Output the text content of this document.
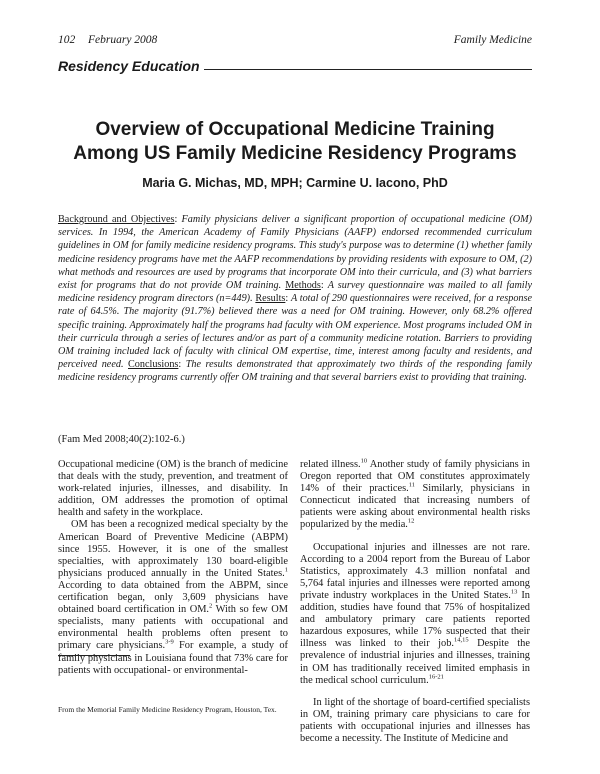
102 February 2008	Family Medicine
Residency Education
Overview of Occupational Medicine Training
Among US Family Medicine Residency Programs
Maria G. Michas, MD, MPH; Carmine U. Iacono, PhD
Background and Objectives: Family physicians deliver a significant proportion of occupational medicine (OM) services. In 1994, the American Academy of Family Physicians (AAFP) endorsed recommended curriculum guidelines in OM for family medicine residency programs. This study's purpose was to determine (1) whether family medicine residency programs have met the AAFP recommendations by providing residents with exposure to OM, (2) what methods and resources are used by programs that incorporate OM into their curricula, and (3) what barriers exist for programs that do not provide OM training. Methods: A survey questionnaire was mailed to all family medicine residency program directors (n=449). Results: A total of 290 questionnaires were received, for a response rate of 64.5%. The majority (91.7%) believed there was a need for OM training. However, only 68.2% offered specific training. Approximately half the programs had faculty with OM experience. Most programs included OM in their curricula through a series of lectures and/or as part of a community medicine rotation. Barriers to providing OM training included lack of faculty with clinical OM expertise, time, interest among faculty and residents, and perceived need. Conclusions: The results demonstrated that approximately two thirds of the responding family medicine residency programs currently offer OM training and that several barriers exist to providing that training.
(Fam Med 2008;40(2):102-6.)

Occupational medicine (OM) is the branch of medicine that deals with the study, prevention, and treatment of work-related injuries, illnesses, and disability. In addition, OM addresses the promotion of optimal health and safety in the workplace.

OM has been a recognized medical specialty by the American Board of Preventive Medicine (ABPM) since 1955. However, it is one of the smallest specialties, with approximately 130 board-eligible physicians produced annually in the United States.$^1$ According to data obtained from the ABPM, since certification began, only 3,609 physicians have obtained board certification in OM.$^2$ With so few OM specialists, many patients with occupational and environmental health problems often present to primary care physicians.$^{3-9}$ For example, a study of family physicians in Louisiana found that 73% care for patients with occupational- or environmental-

related illness.$^{10}$ Another study of family physicians in Oregon reported that OM constitutes approximately 14% of their practices.$^{11}$ Similarly, physicians in Connecticut indicated that increasing numbers of patients were asking about environmental health risks popularized by the media.$^{12}$

Occupational injuries and illnesses are not rare. According to a 2004 report from the Bureau of Labor Statistics, approximately 4.3 million nonfatal and 5,764 fatal injuries and illnesses were reported among private industry workplaces in the United States.$^{13}$ In addition, studies have found that 75% of hospitalized and ambulatory primary care patients reported hazardous exposures, while 17% suspected that their illness was linked to their job.$^{14,15}$ Despite the prevalence of industrial injuries and illnesses, training in OM has traditionally received limited emphasis in the medical school curriculum.$^{16-21}$

In light of the shortage of board-certified specialists in OM, training primary care physicians to care for patients with occupational injuries and illnesses has become a necessity. The Institute of Medicine and

From the Memorial Family Medicine Residency Program, Houston, Tex.
